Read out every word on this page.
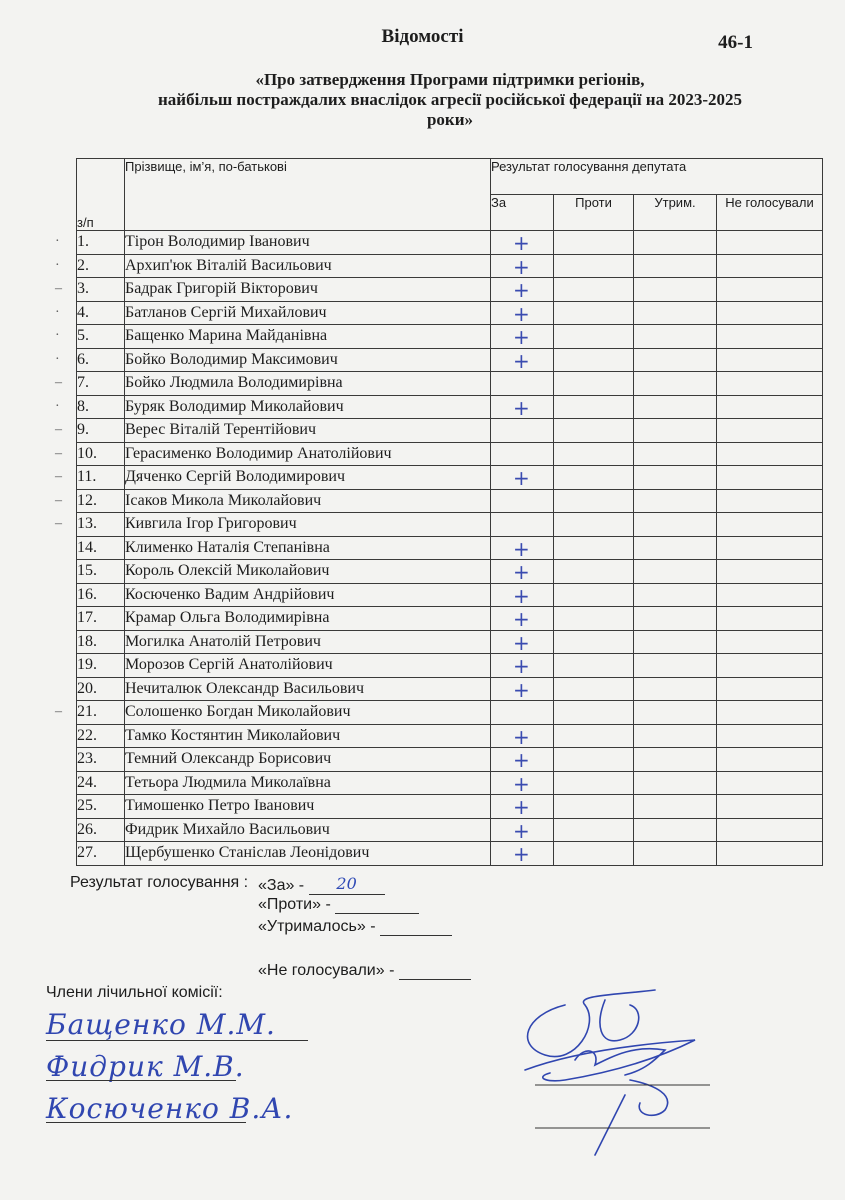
Відомості	46-1
«Про затвердження Програми підтримки регіонів,
найбільш постраждалих внаслідок агресії російської федерації на 2023-2025
роки»
з/п	Прізвище, ім’я, по-батькові	Результат голосування депутата			
		За	Проти	Утрим.	Не голосували

· 1.	Тірон Володимир Іванович	+			

· 2.	Архип'юк Віталій Васильович	+			

– 3.	Бадрак Григорій Вікторович	+			

· 4.	Батланов Сергій Михайлович	+			

· 5.	Бащенко Марина Майданівна	+			

· 6.	Бойко Володимир Максимович	+			

– 7.	Бойко Людмила Володимирівна	

· 8.	Буряк Володимир Миколайович	+			

– 9.	Верес Віталій Терентійович	

– 10.	Герасименко Володимир Анатолійович	

– 11.	Дяченко Сергій Володимирович	+			

– 12.	Ісаков Микола Миколайович	

– 13.	Кивгила Ігор Григорович	

14.	Клименко Наталія Степанівна	+			

15.	Король Олексій Миколайович	+			

16.	Косюченко Вадим Андрійович	+			

17.	Крамар Ольга Володимирівна	+			

18.	Могилка Анатолій Петрович	+			

19.	Морозов Сергій Анатолійович	+			

20.	Нечиталюк Олександр Васильович	+			

– 21.	Солошенко Богдан Миколайович	

22.	Тамко Костянтин Миколайович	+			

23.	Темний Олександр Борисович	+			

24.	Тетьора Людмила Миколаївна	+			

25.	Тимошенко Петро Іванович	+			

26.	Фидрик Михайло Васильович	+			

27.	Щербушенко Станіслав Леонідович	+			

Результат голосування : «За» - 20
«Проти» -
«Утрималось» -
«Не голосували» -
Члени лічильної комісії:
Бащенко М.М.
Фидрик М.В.
Косюченко В.А.
